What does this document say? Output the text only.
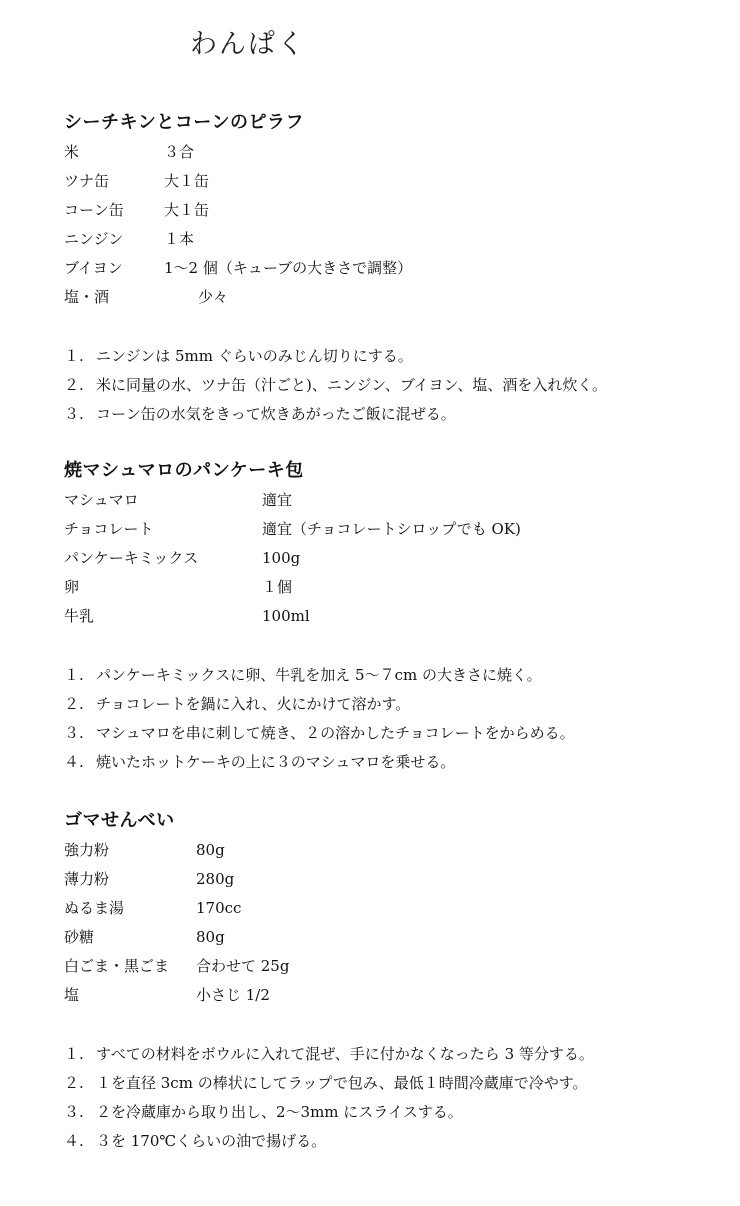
わんぱく
シーチキンとコーンのピラフ
米	３合
ツナ缶	大１缶
コーン缶	大１缶
ニンジン	１本
ブイヨン	1〜2 個（キューブの大きさで調整）
塩・酒	少々
１. ニンジンは 5mm ぐらいのみじん切りにする。
２. 米に同量の水、ツナ缶（汁ごと)、ニンジン、ブイヨン、塩、酒を入れ炊く。
３. コーン缶の水気をきって炊きあがったご飯に混ぜる。
焼マシュマロのパンケーキ包
マシュマロ	適宜
チョコレート	適宜（チョコレートシロップでも OK)
パンケーキミックス	100g
卵	１個
牛乳	100ml
１. パンケーキミックスに卵、牛乳を加え 5〜７cm の大きさに焼く。
２. チョコレートを鍋に入れ、火にかけて溶かす。
３. マシュマロを串に刺して焼き、２の溶かしたチョコレートをからめる。
４. 焼いたホットケーキの上に３のマシュマロを乗せる。
ゴマせんべい
強力粉	80g
薄力粉	280g
ぬるま湯	170cc
砂糖	80g
白ごま・黒ごま 合わせて 25g
塩	小さじ 1/2
１. すべての材料をボウルに入れて混ぜ、手に付かなくなったら 3 等分する。
２. １を直径 3cm の棒状にしてラップで包み、最低１時間冷蔵庫で冷やす。
３. ２を冷蔵庫から取り出し、2〜3mm にスライスする。
４. ３を 170℃くらいの油で揚げる。
